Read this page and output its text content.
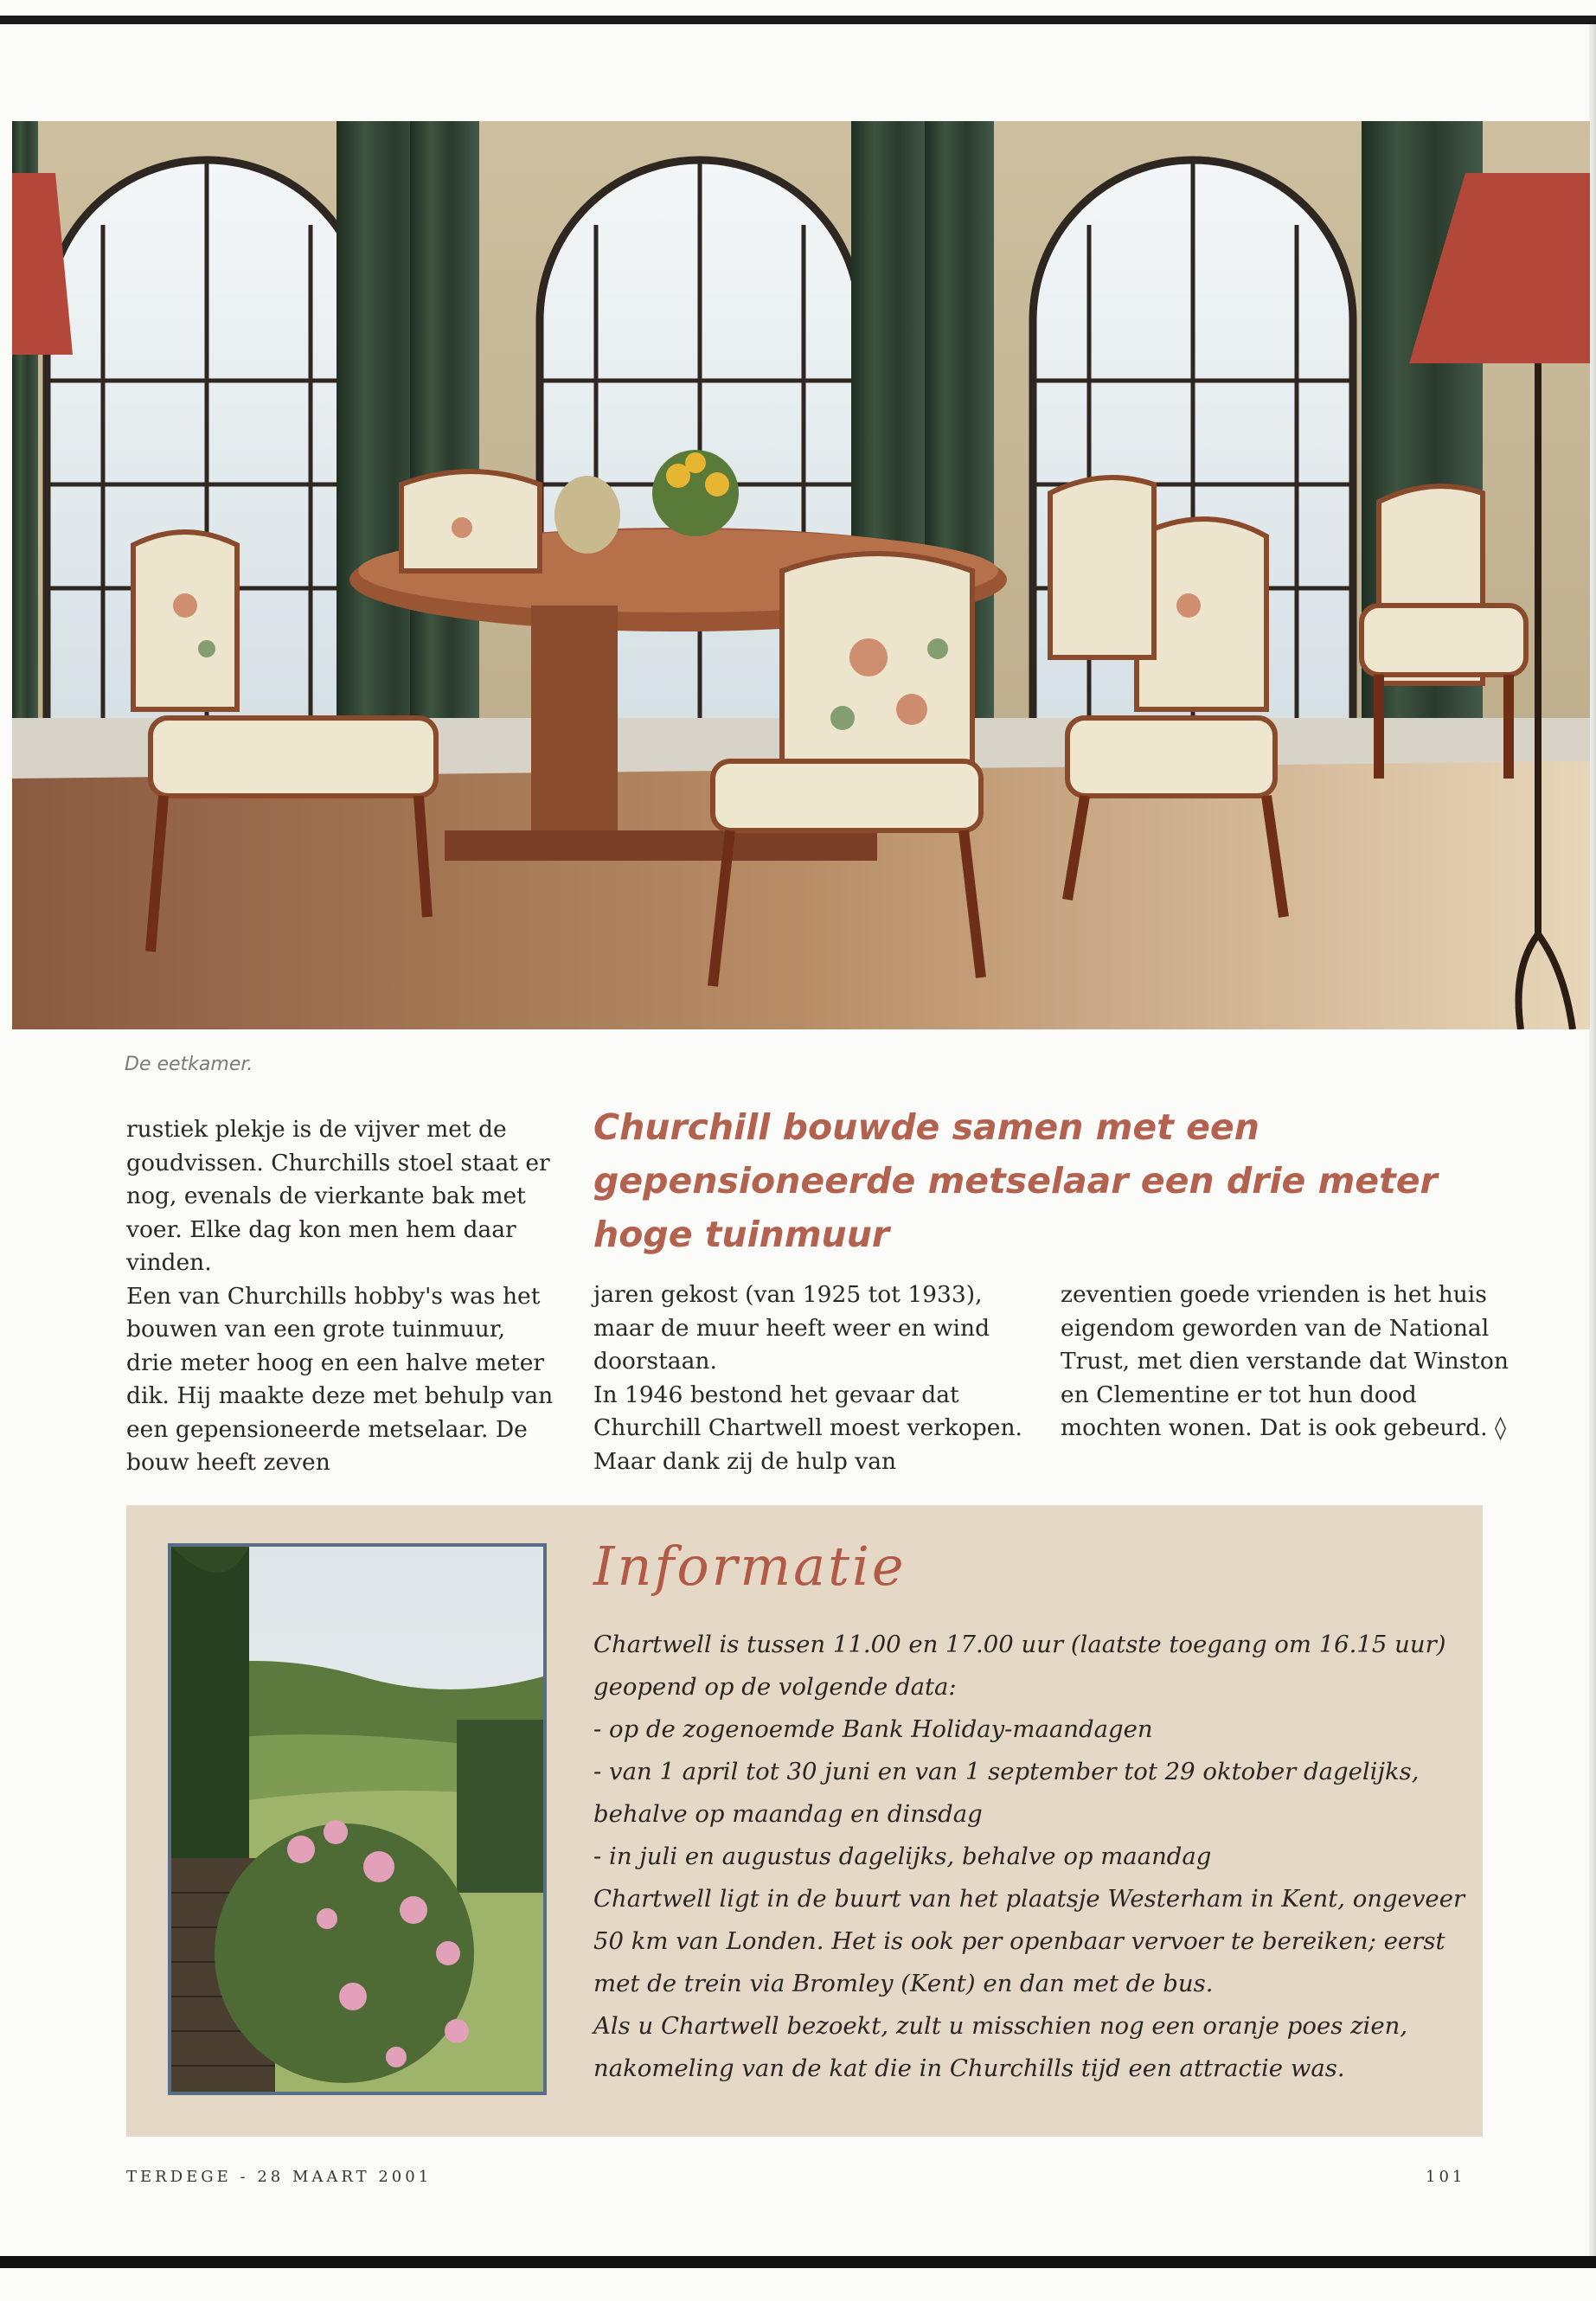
De eetkamer.

rustiek plekje is de vijver met de goudvissen. Churchills stoel staat er nog, evenals de vierkante bak met voer. Elke dag kon men hem daar vinden.

Een van Churchills hobby's was het bouwen van een grote tuinmuur, drie meter hoog en een halve meter dik. Hij maakte deze met behulp van een gepensioneerde metselaar. De bouw heeft zeven

Churchill bouwde samen met een gepensioneerde metselaar een drie meter hoge tuinmuur

jaren gekost (van 1925 tot 1933), maar de muur heeft weer en wind doorstaan.

In 1946 bestond het gevaar dat Churchill Chartwell moest verkopen. Maar dank zij de hulp van

zeventien goede vrienden is het huis eigendom geworden van de National Trust, met dien verstande dat Winston en Clementine er tot hun dood mochten wonen. Dat is ook gebeurd. ◊

Informatie

Chartwell is tussen 11.00 en 17.00 uur (laatste toegang om 16.15 uur) geopend op de volgende data:

- op de zogenoemde Bank Holiday-maandagen

- van 1 april tot 30 juni en van 1 september tot 29 oktober dagelijks, behalve op maandag en dinsdag

- in juli en augustus dagelijks, behalve op maandag

Chartwell ligt in de buurt van het plaatsje Westerham in Kent, ongeveer 50 km van Londen. Het is ook per openbaar vervoer te bereiken; eerst met de trein via Bromley (Kent) en dan met de bus.

Als u Chartwell bezoekt, zult u misschien nog een oranje poes zien, nakomeling van de kat die in Churchills tijd een attractie was.

TERDEGE - 28 MAART 2001	101
